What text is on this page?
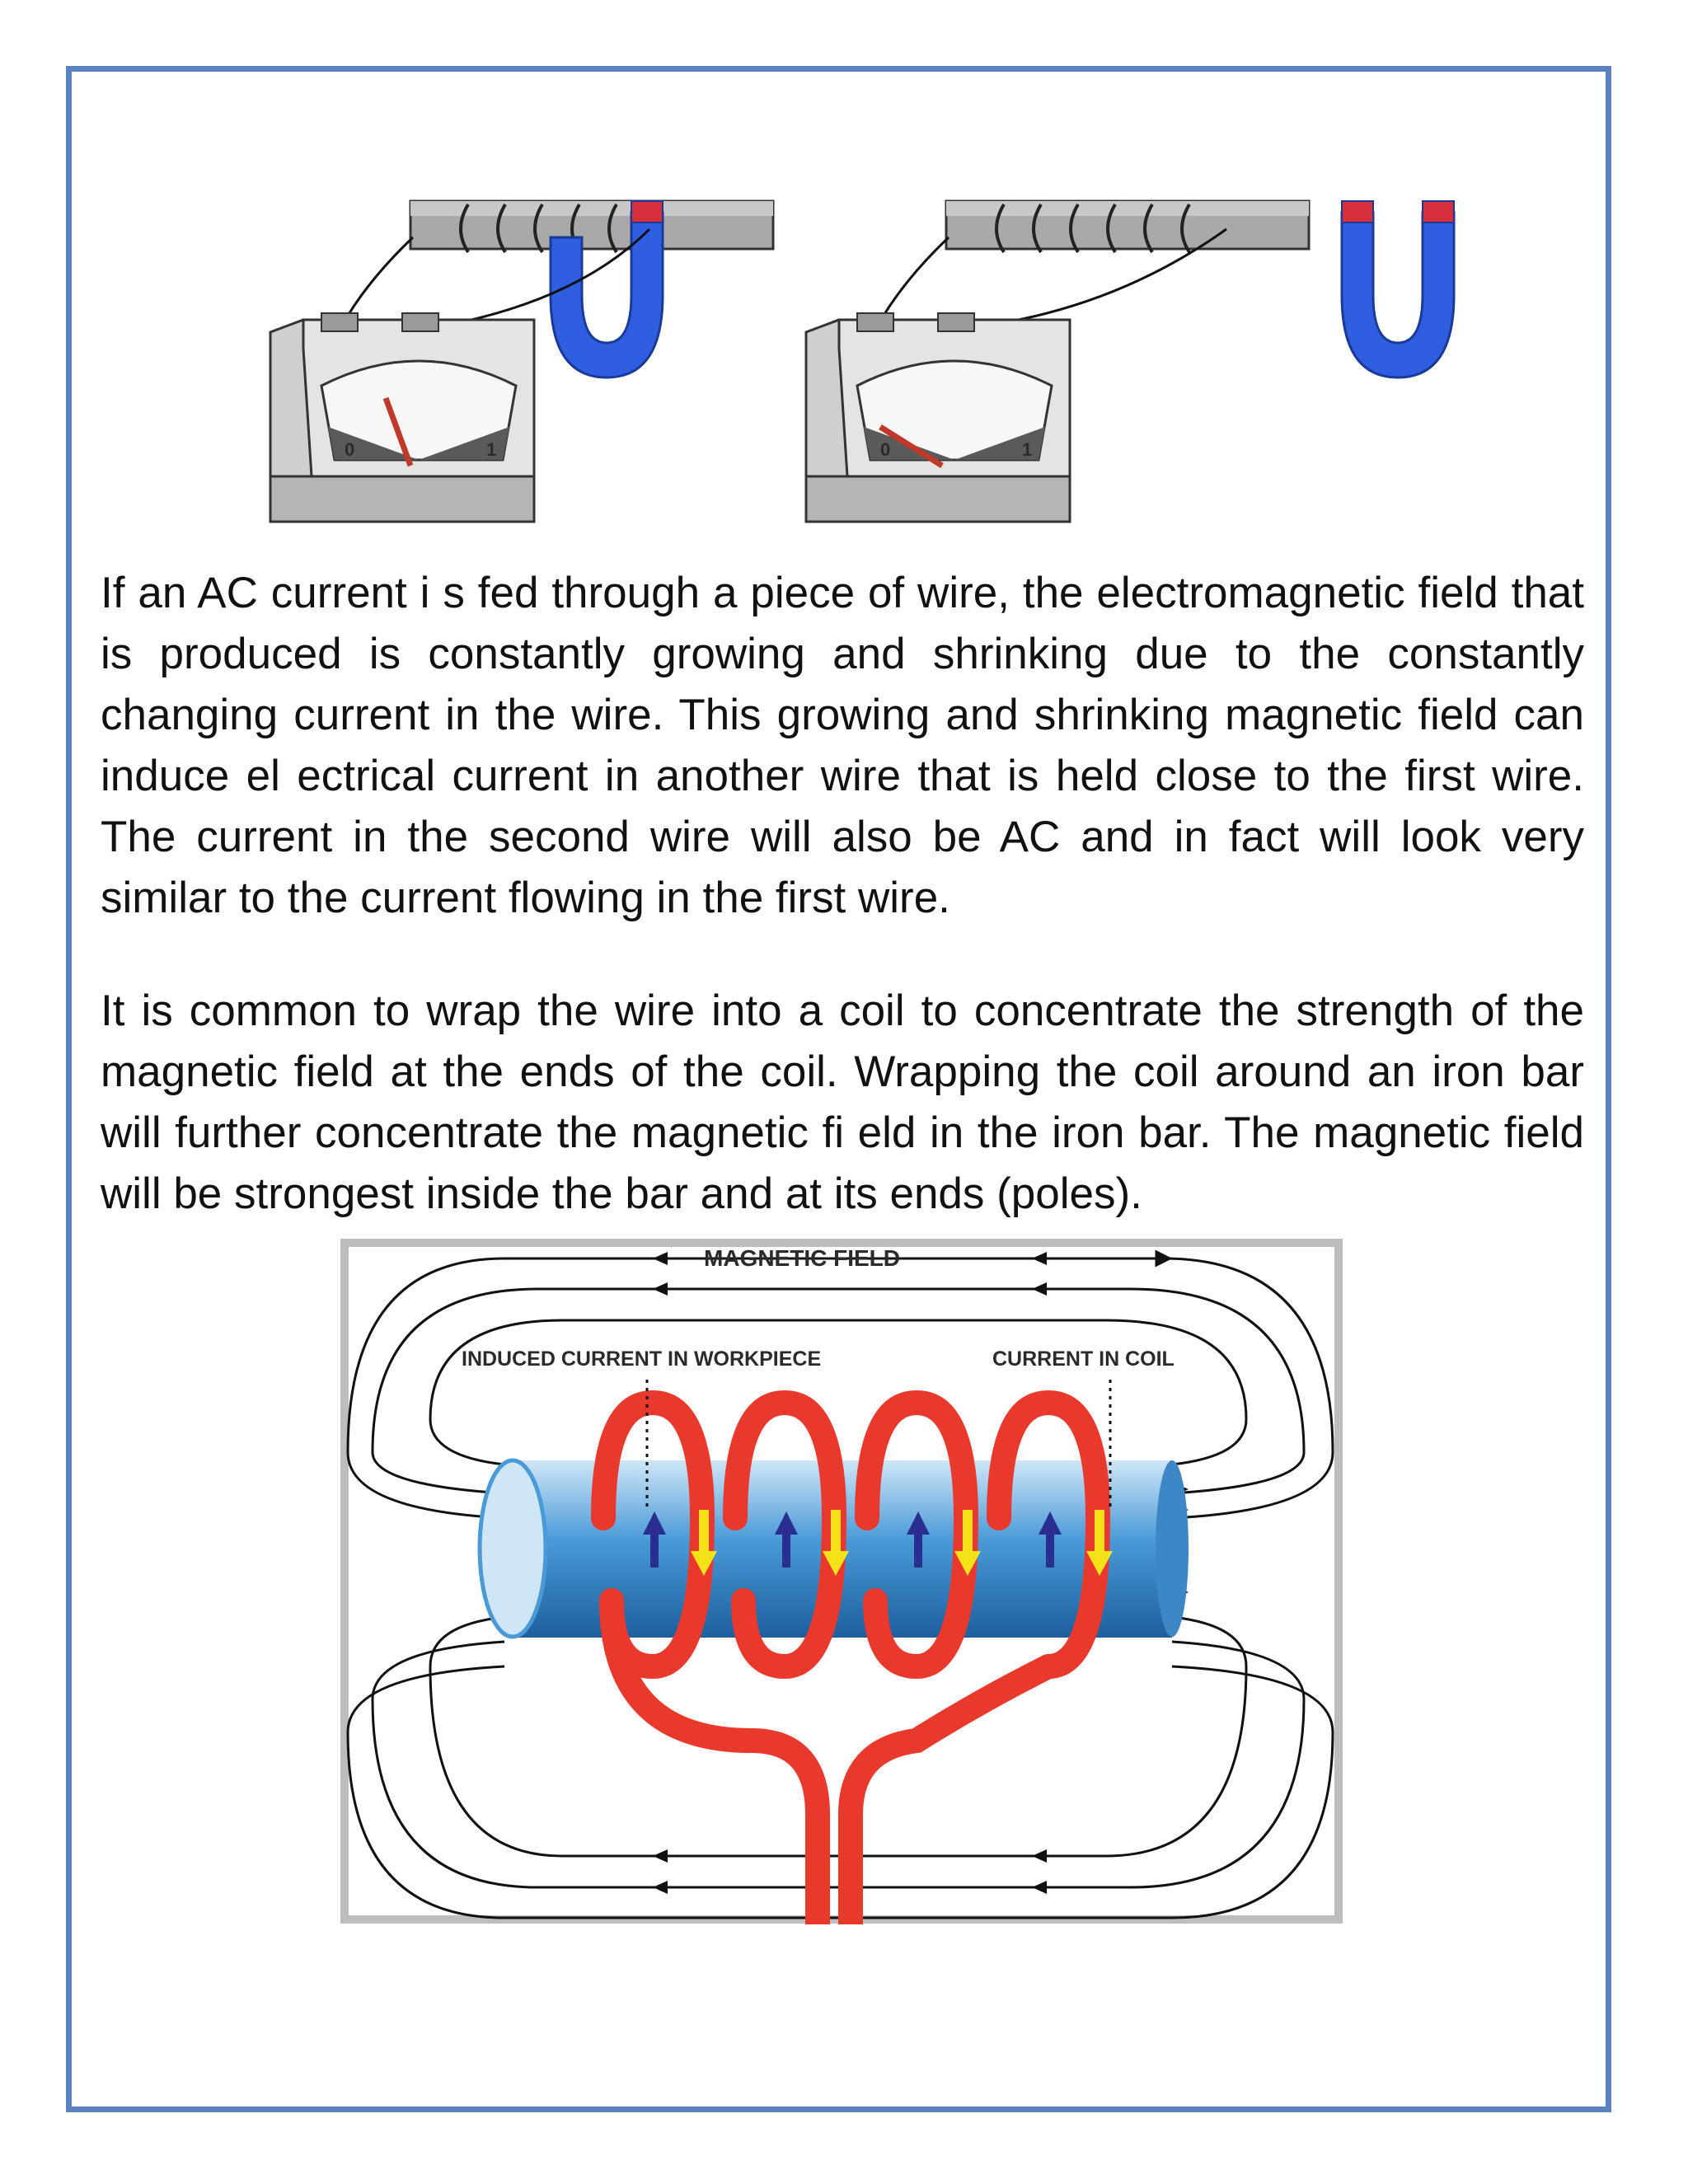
0	1	0	1

If an AC current i s fed through a piece of wire, the electromagnetic field that is produced is constantly growing and shrinking due to the constantly changing current in the wire. This growing and shrinking magnetic field can induce el ectrical current in another wire that is held close to the first wire. The current in the second wire will also be AC and in fact will look very similar to the current flowing in the first wire.

It is common to wrap the wire into a coil to concentrate the strength of the magnetic field at the ends of the coil. Wrapping the coil around an iron bar will further concentrate the magnetic fi eld in the iron bar. The magnetic field will be strongest inside the bar and at its ends (poles).

MAGNETIC FIELD
INDUCED CURRENT IN WORKPIECE	CURRENT IN COIL
